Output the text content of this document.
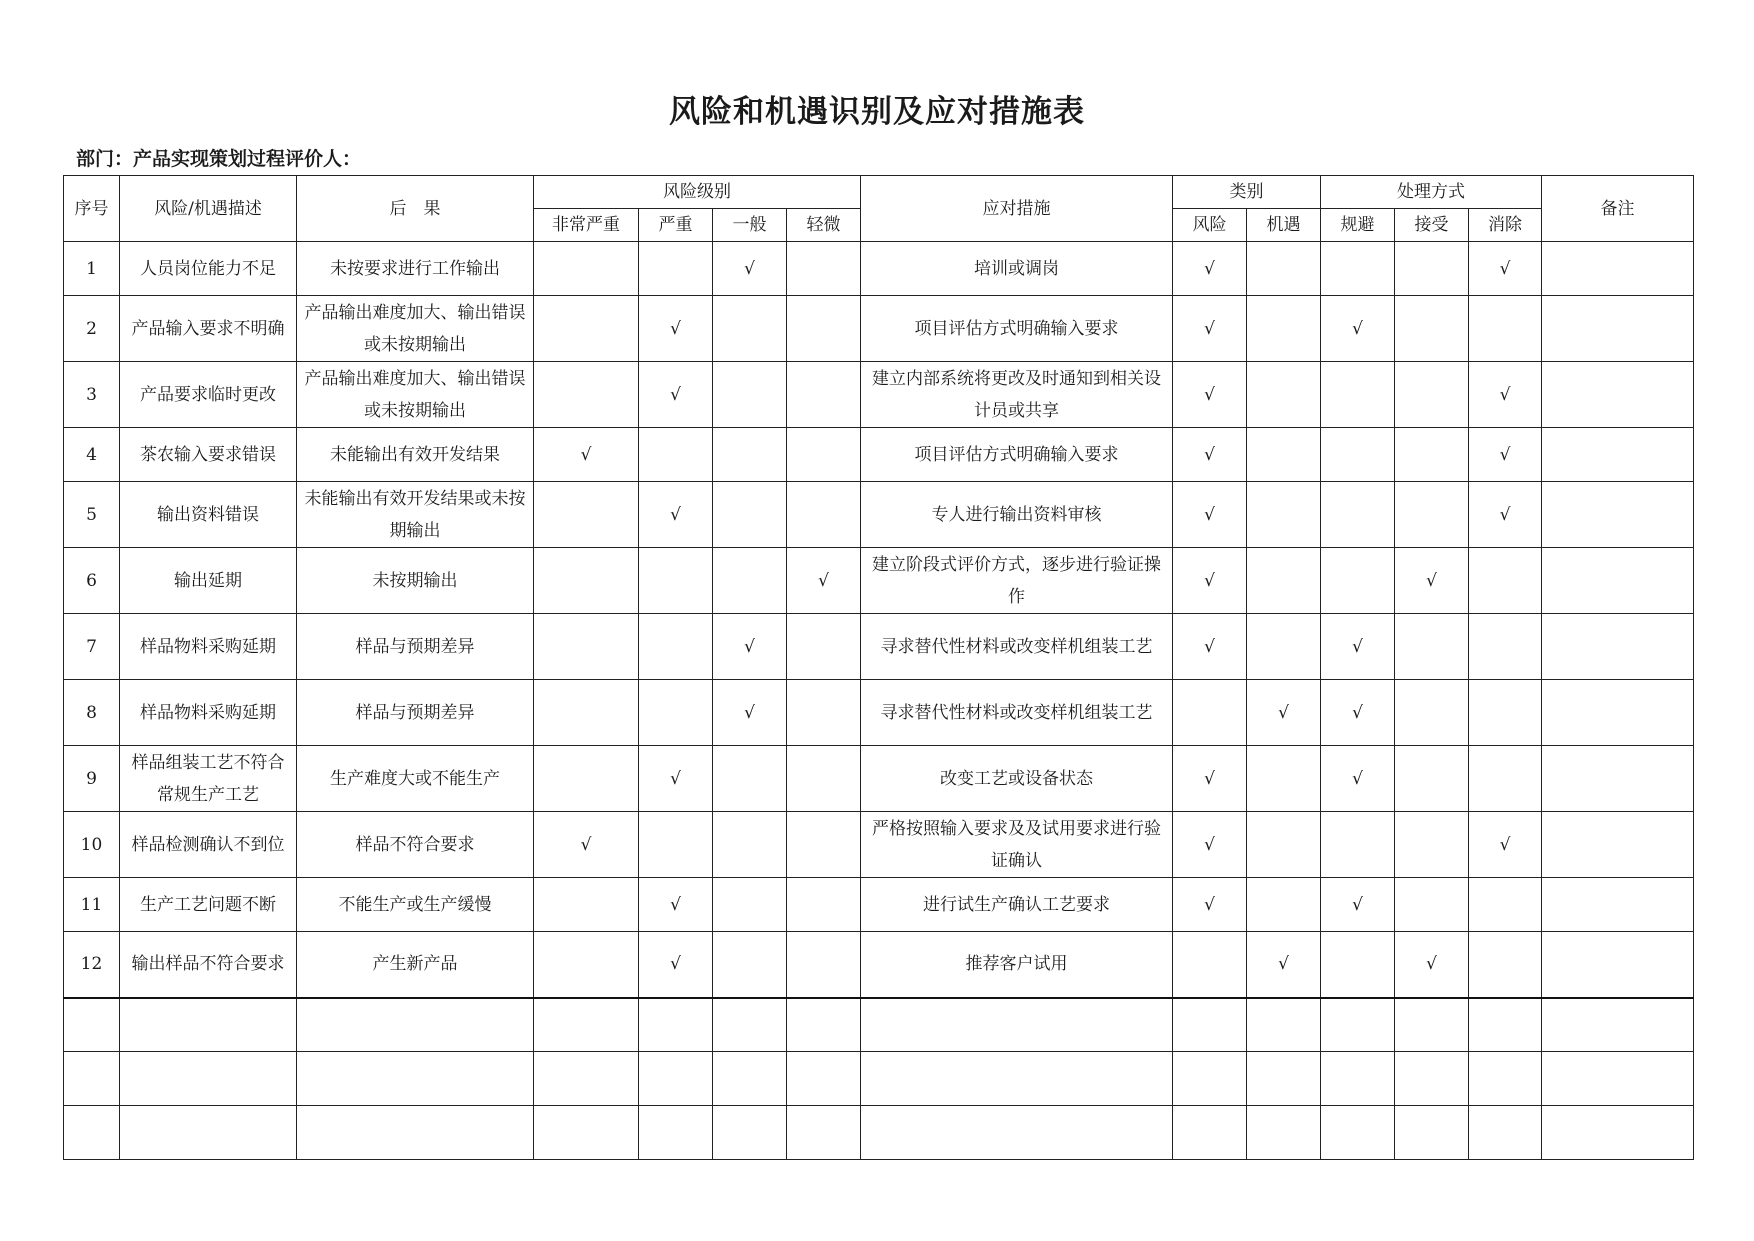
风险和机遇识别及应对措施表
部门：产品实现策划过程评价人：
序号	风险/机遇描述	后　果	风险级别				应对措施	类别		处理方式			备注
			非常严重	严重	一般	轻微		风险	机遇	规避	接受	消除	
1	人员岗位能力不足	未按要求进行工作输出			√		培训或调岗	√				√	
2	产品输入要求不明确	产品输出难度加大、输出错误或未按期输出		√			项目评估方式明确输入要求	√		√			
3	产品要求临时更改	产品输出难度加大、输出错误或未按期输出		√			建立内部系统将更改及时通知到相关设计员或共享	√				√	
4	茶农输入要求错误	未能输出有效开发结果	√				项目评估方式明确输入要求	√				√	
5	输出资料错误	未能输出有效开发结果或未按期输出		√			专人进行输出资料审核	√				√	
6	输出延期	未按期输出				√	建立阶段式评价方式，逐步进行验证操作	√			√		
7	样品物料采购延期	样品与预期差异			√		寻求替代性材料或改变样机组装工艺	√		√			
8	样品物料采购延期	样品与预期差异			√		寻求替代性材料或改变样机组装工艺		√	√			
9	样品组装工艺不符合常规生产工艺	生产难度大或不能生产		√			改变工艺或设备状态	√		√			
10	样品检测确认不到位	样品不符合要求	√				严格按照输入要求及及试用要求进行验证确认	√				√	
11	生产工艺问题不断	不能生产或生产缓慢		√			进行试生产确认工艺要求	√		√			
12	输出样品不符合要求	产生新产品		√			推荐客户试用		√		√		
